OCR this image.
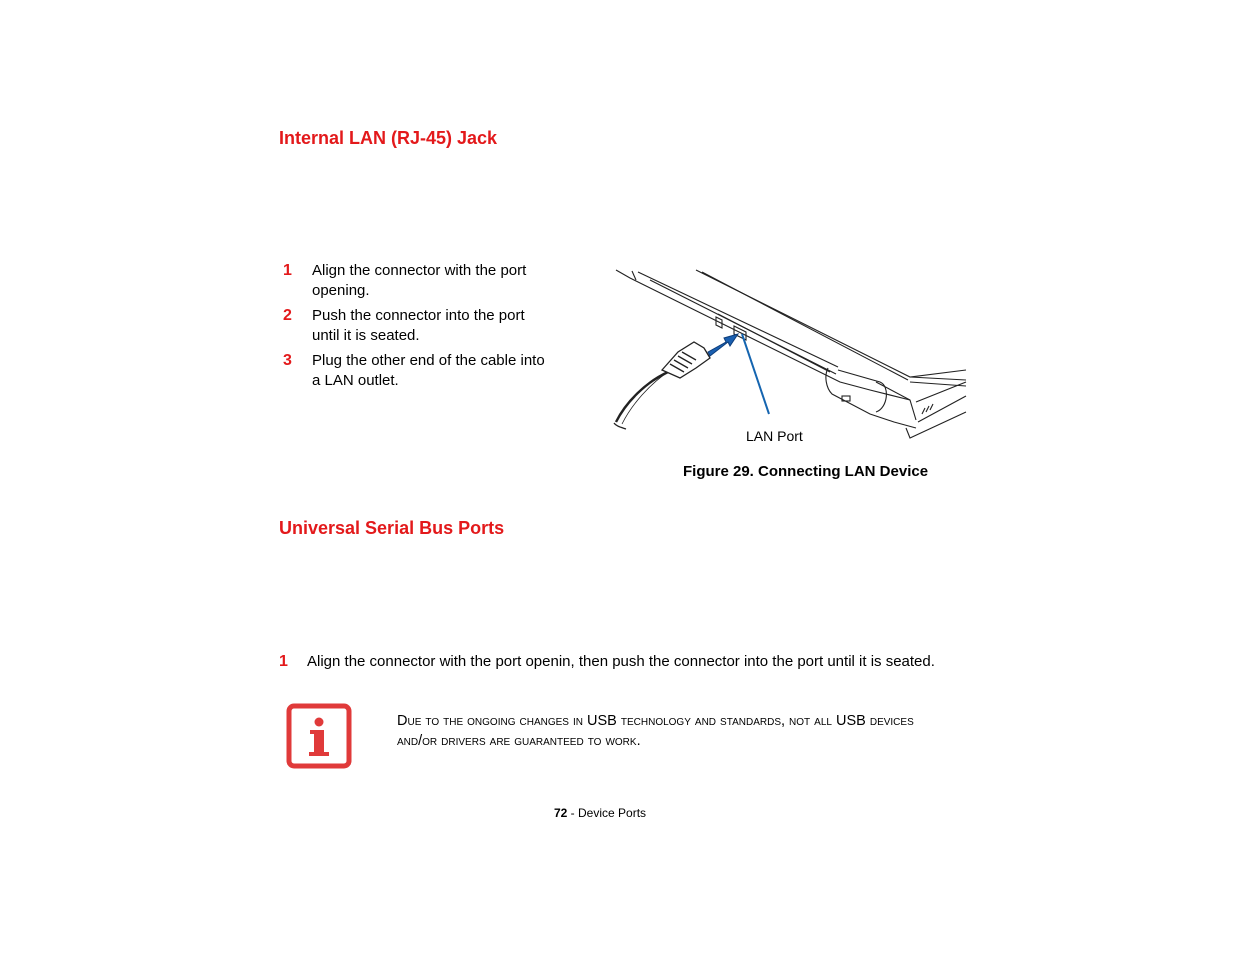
Internal LAN (RJ-45) Jack
1 Align the connector with the port
opening.
2 Push the connector into the port
until it is seated.
3 Plug the other end of the cable into
a LAN outlet.
LAN Port
Figure 29. Connecting LAN Device
Universal Serial Bus Ports
1 Align the connector with the port openin, then push the connector into the port until it is seated.
Due to the ongoing changes in USB technology and standards, not all USB devices
and/or drivers are guaranteed to work.
72 - Device Ports
